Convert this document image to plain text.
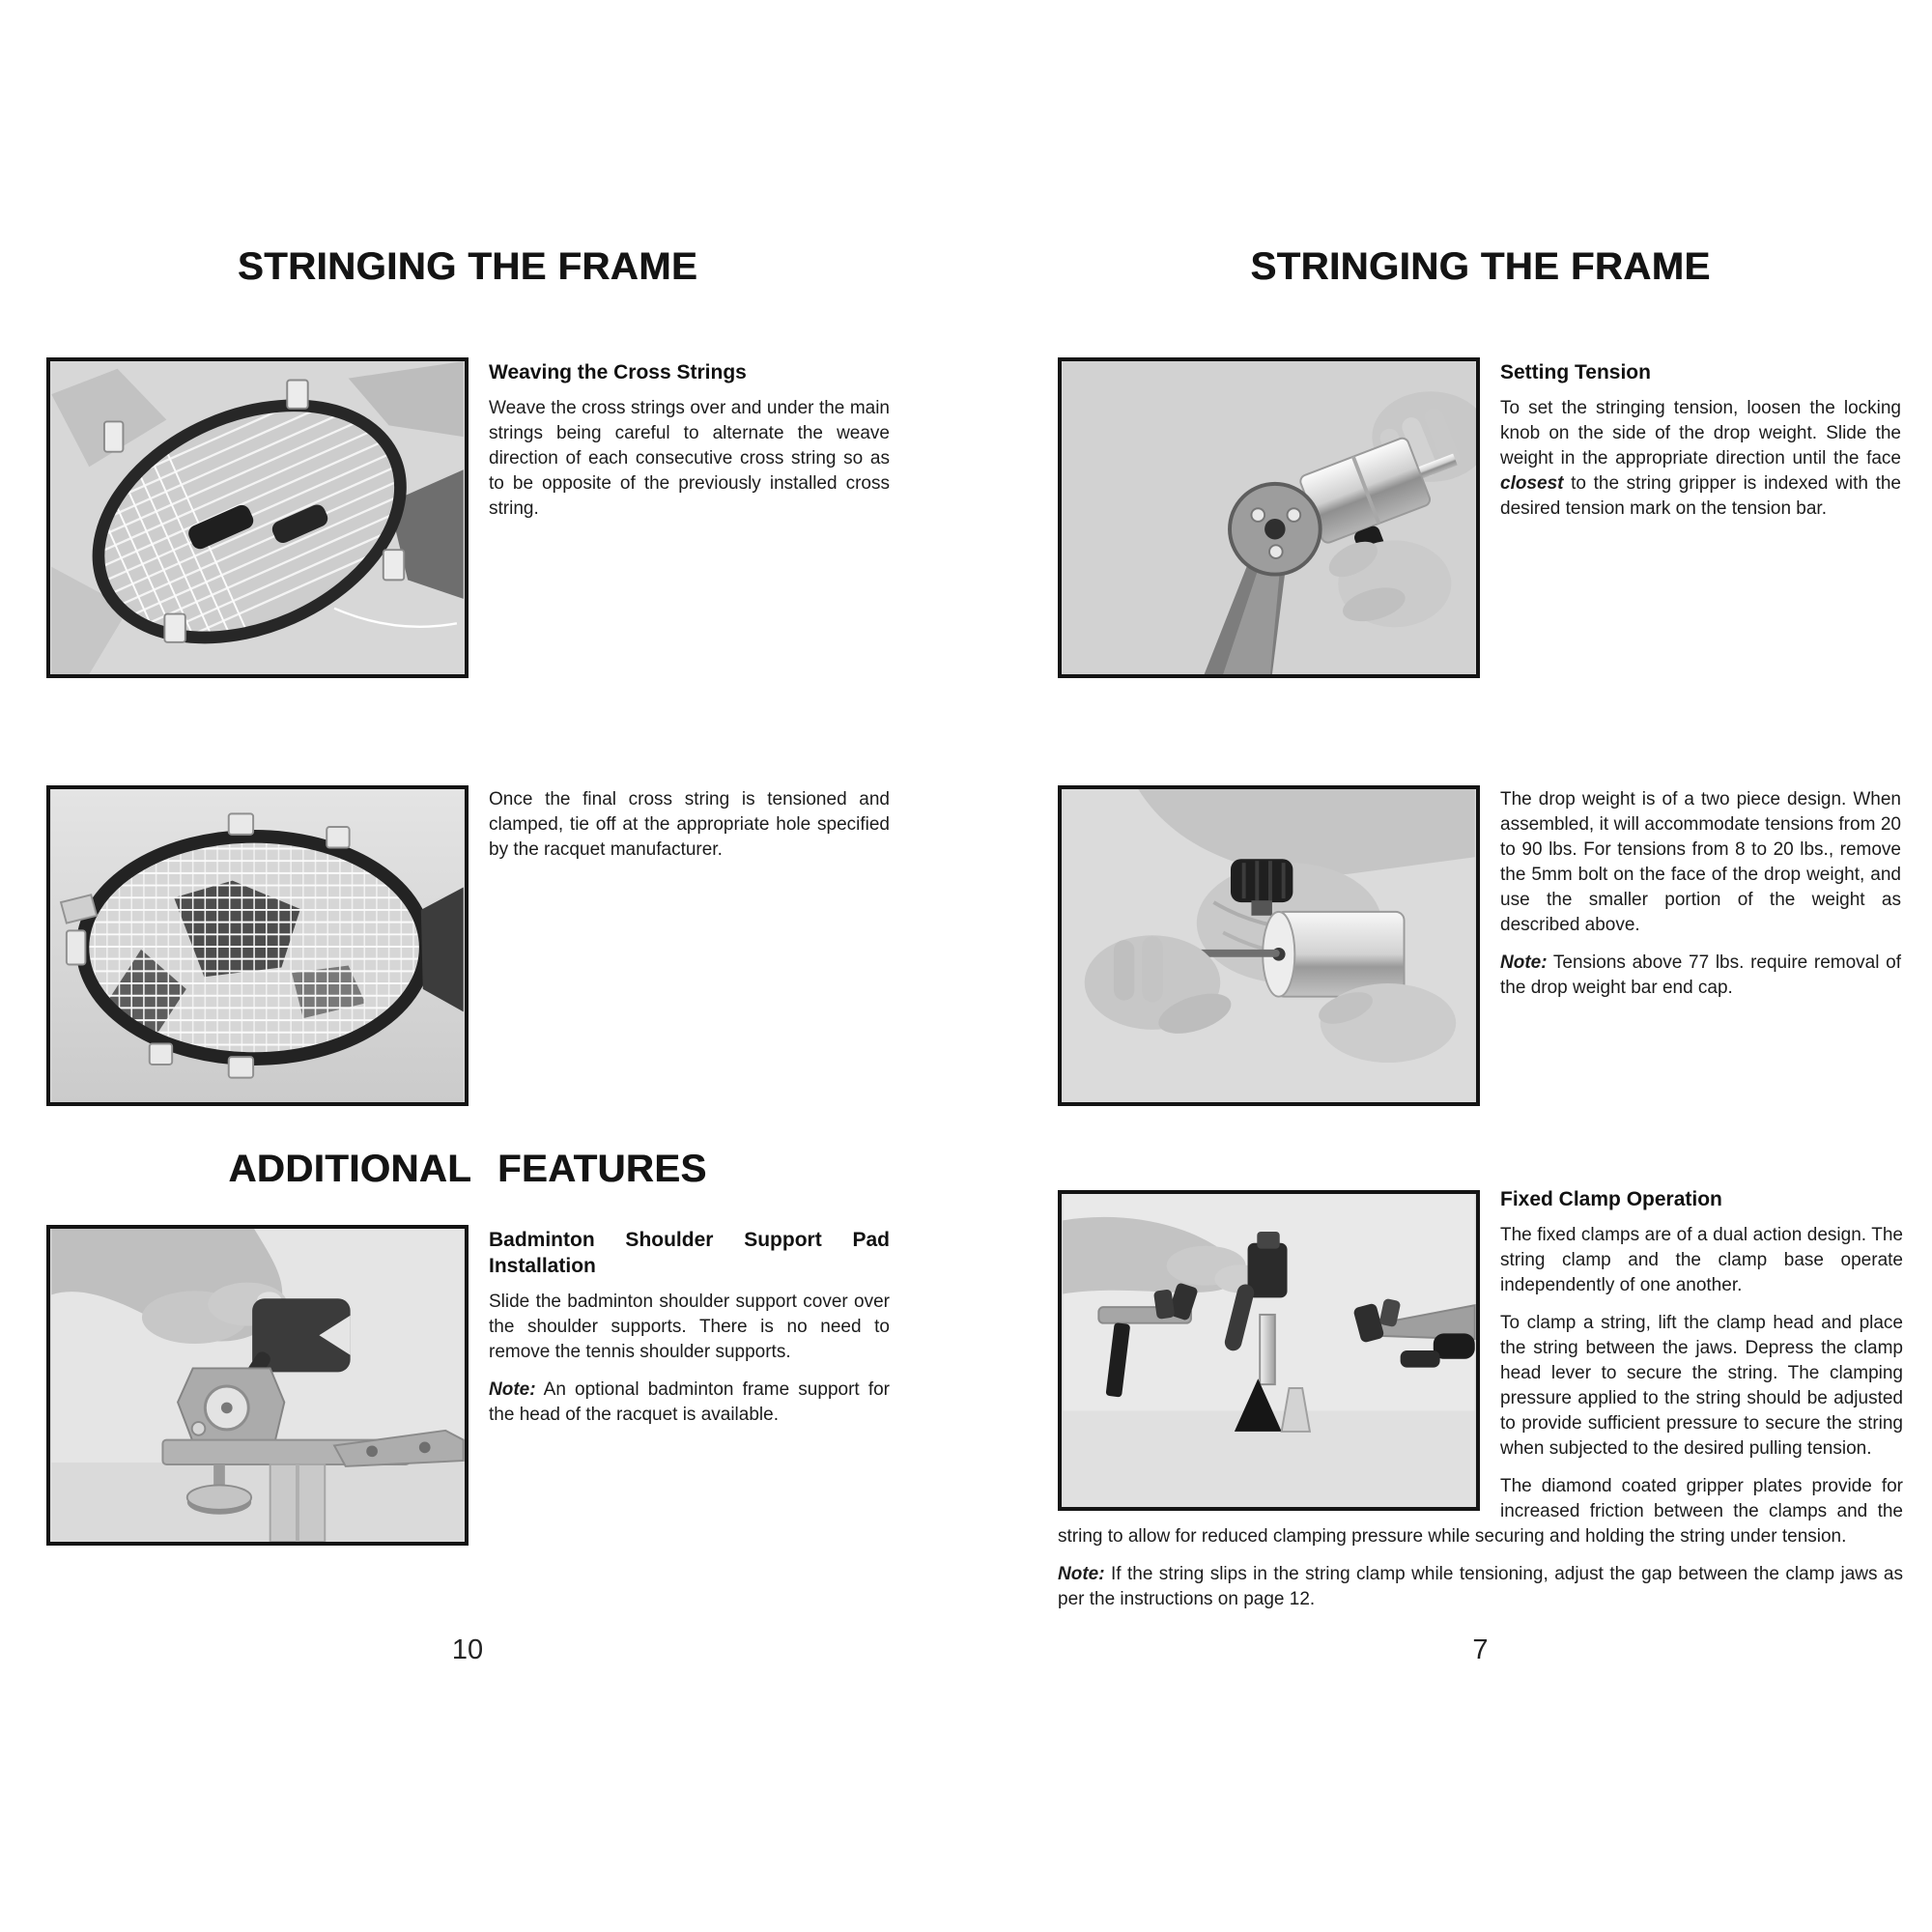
STRINGING THE FRAME
Weaving the Cross Strings

Weave the cross strings over and under the main strings being careful to alternate the weave direction of each consecutive cross string so as to be opposite of the previously installed cross string.

Once the final cross string is tensioned and clamped, tie off at the appropriate hole specified by the racquet manufacturer.

ADDITIONAL FEATURES
Badminton Shoulder Support Pad Installation

Slide the badminton shoulder support cover over the shoulder supports. There is no need to remove the tennis shoulder supports.

Note: An optional badminton frame support for the head of the racquet is available.

10

STRINGING THE FRAME
Setting Tension

To set the stringing tension, loosen the locking knob on the side of the drop weight. Slide the weight in the appropriate direction until the face closest to the string gripper is indexed with the desired tension mark on the tension bar.

The drop weight is of a two piece design. When assembled, it will accommodate tensions from 20 to 90 lbs. For tensions from 8 to 20 lbs., remove the 5mm bolt on the face of the drop weight, and use the smaller portion of the weight as described above.

Note: Tensions above 77 lbs. require removal of the drop weight bar end cap.

Fixed Clamp Operation

The fixed clamps are of a dual action design. The string clamp and the clamp base operate independently of one another.

To clamp a string, lift the clamp head and place the string between the jaws. Depress the clamp head lever to secure the string. The clamping pressure applied to the string should be adjusted to provide sufficient pressure to secure the string when subjected to the desired pulling tension.

The diamond coated gripper plates provide for increased friction between the clamps and the string to allow for reduced clamping pressure while securing and holding the string under tension.

Note: If the string slips in the string clamp while tensioning, adjust the gap between the clamp jaws as per the instructions on page 12.

7
